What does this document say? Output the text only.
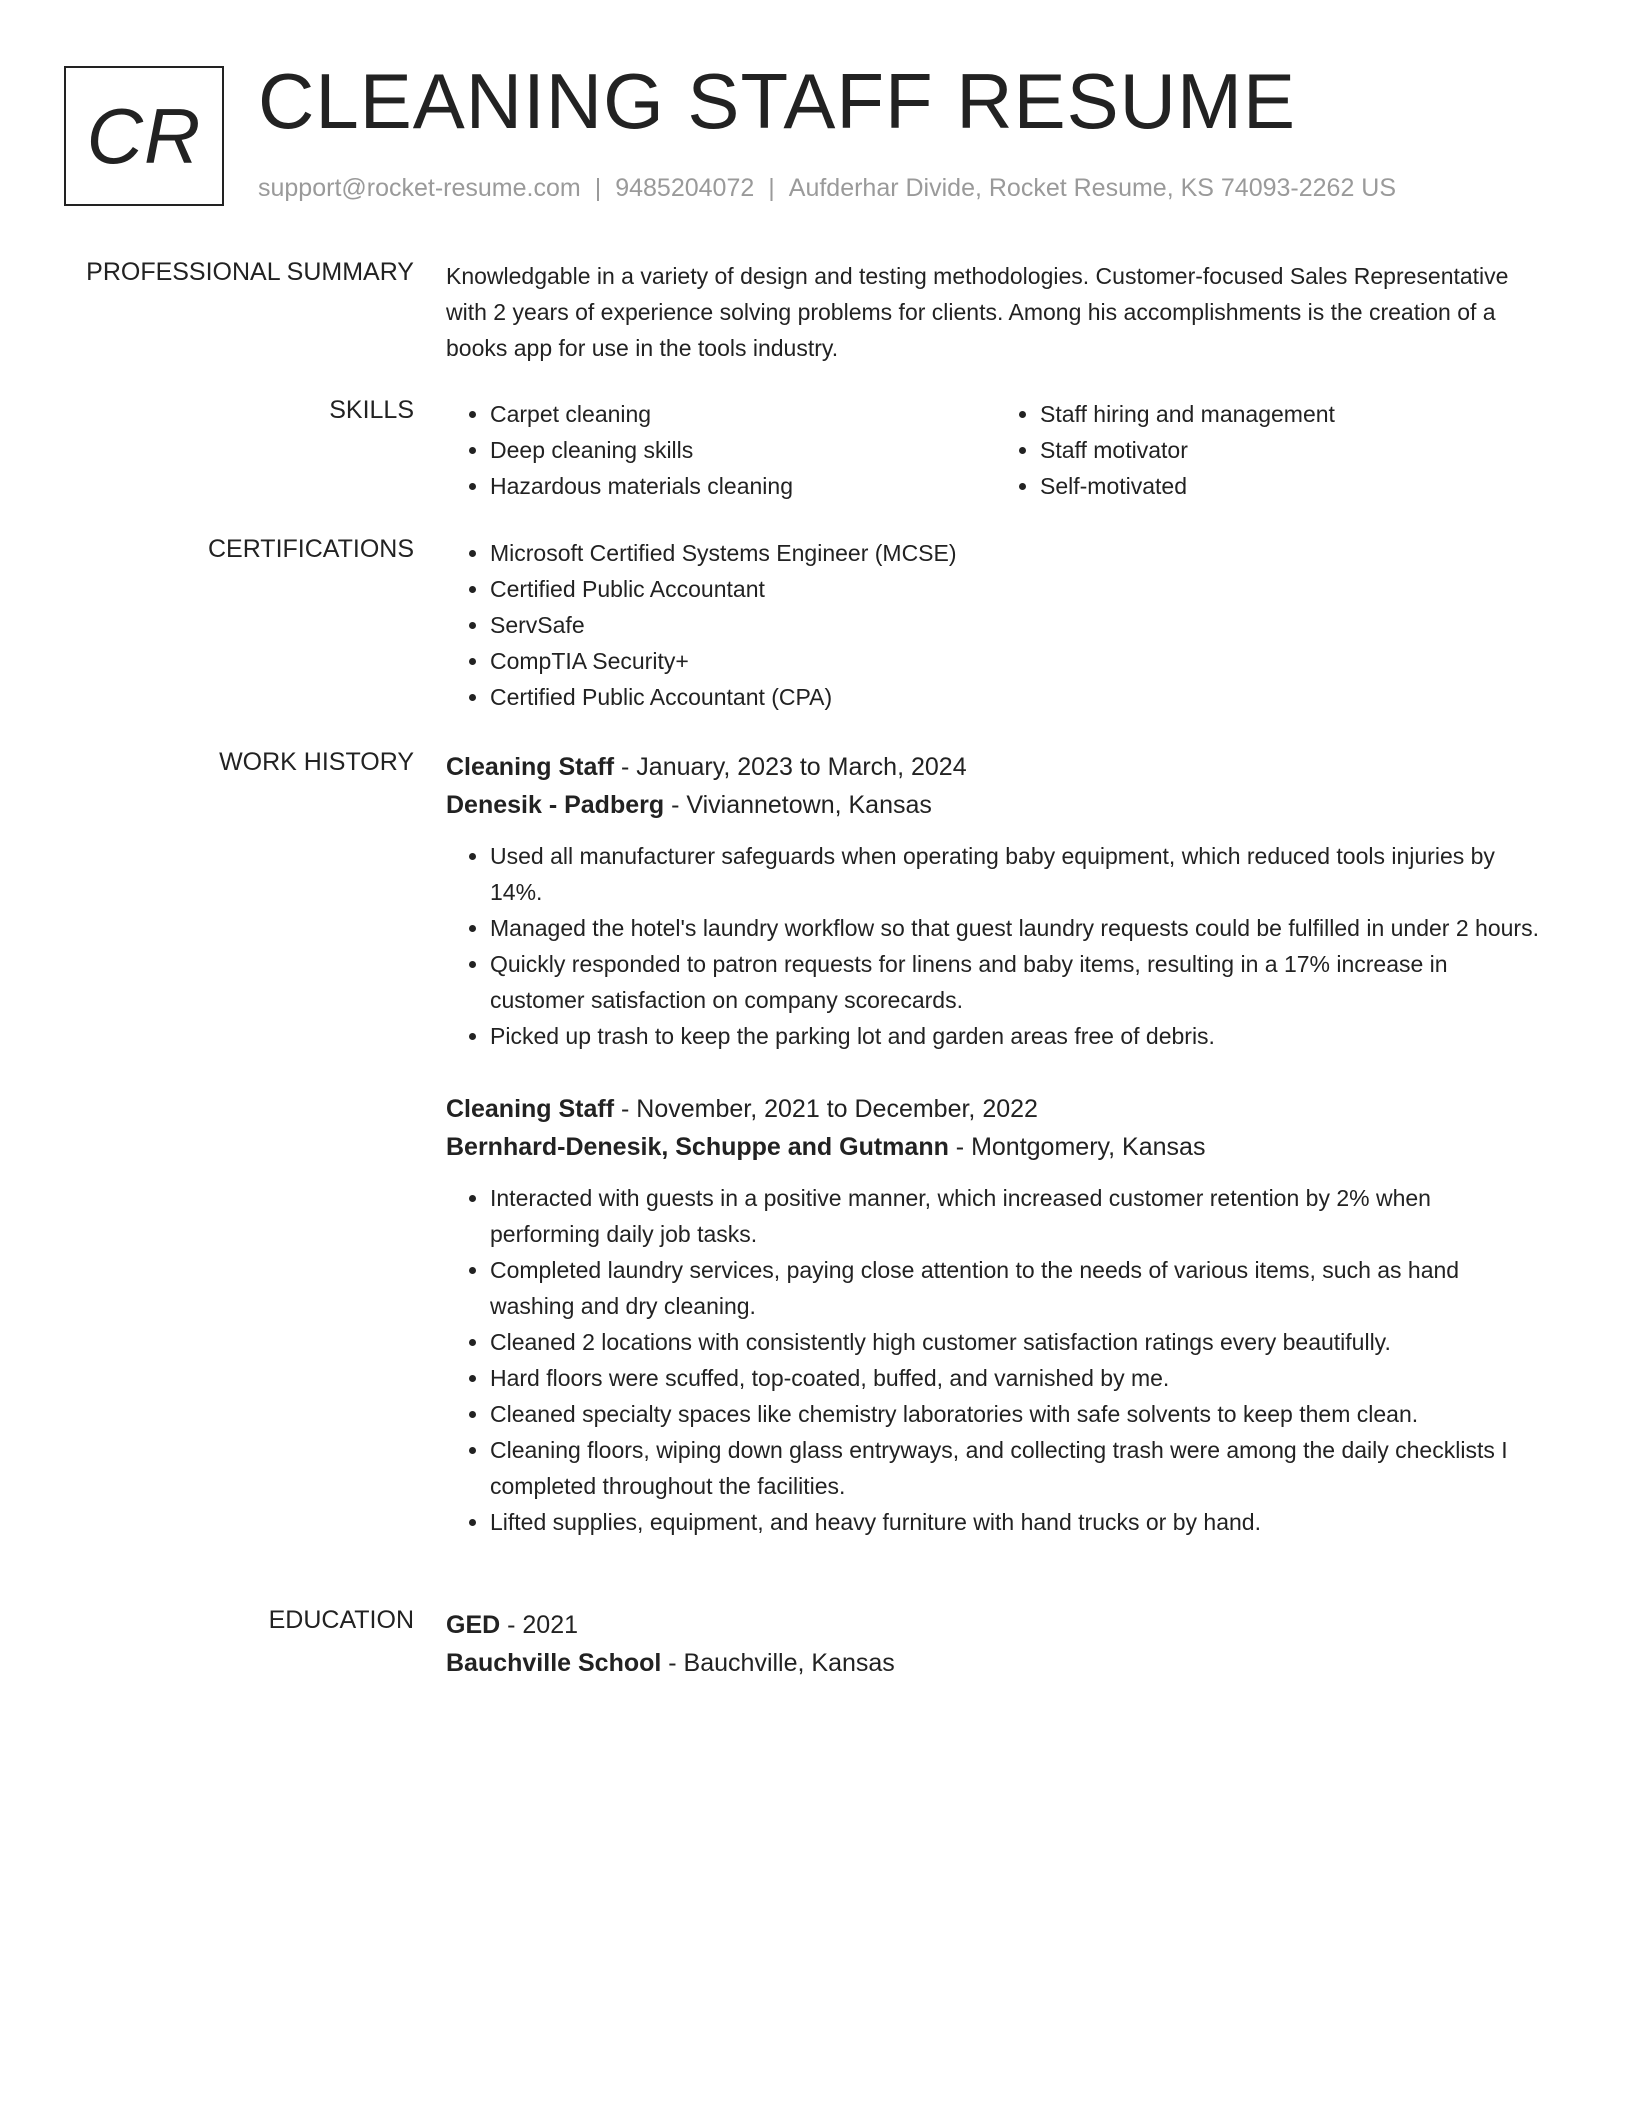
CR CLEANING STAFF RESUME
support@rocket-resume.com | 9485204072 | Aufderhar Divide, Rocket Resume, KS 74093-2262 US
PROFESSIONAL SUMMARY Knowledgable in a variety of design and testing methodologies. Customer-focused Sales Representative with 2 years of experience solving problems for clients. Among his accomplishments is the creation of a books app for use in the tools industry.

SKILLS	• Carpet cleaning
• Deep cleaning skills
• Hazardous materials cleaning
• Staff hiring and management
• Staff motivator
• Self-motivated
CERTIFICATIONS	• Microsoft Certified Systems Engineer (MCSE)
• Certified Public Accountant
• ServSafe
• CompTIA Security+
• Certified Public Accountant (CPA)
WORK HISTORY Cleaning Staff - January, 2023 to March, 2024
Denesik - Padberg - Viviannetown, Kansas
• Used all manufacturer safeguards when operating baby equipment, which reduced tools injuries by 14%.
• Managed the hotel's laundry workflow so that guest laundry requests could be fulfilled in under 2 hours.
• Quickly responded to patron requests for linens and baby items, resulting in a 17% increase in customer satisfaction on company scorecards.
• Picked up trash to keep the parking lot and garden areas free of debris.
Cleaning Staff - November, 2021 to December, 2022
Bernhard-Denesik, Schuppe and Gutmann - Montgomery, Kansas
• Interacted with guests in a positive manner, which increased customer retention by 2% when performing daily job tasks.
• Completed laundry services, paying close attention to the needs of various items, such as hand washing and dry cleaning.
• Cleaned 2 locations with consistently high customer satisfaction ratings every beautifully.
• Hard floors were scuffed, top-coated, buffed, and varnished by me.
• Cleaned specialty spaces like chemistry laboratories with safe solvents to keep them clean.
• Cleaning floors, wiping down glass entryways, and collecting trash were among the daily checklists I completed throughout the facilities.
• Lifted supplies, equipment, and heavy furniture with hand trucks or by hand.
EDUCATION GED - 2021
Bauchville School - Bauchville, Kansas
